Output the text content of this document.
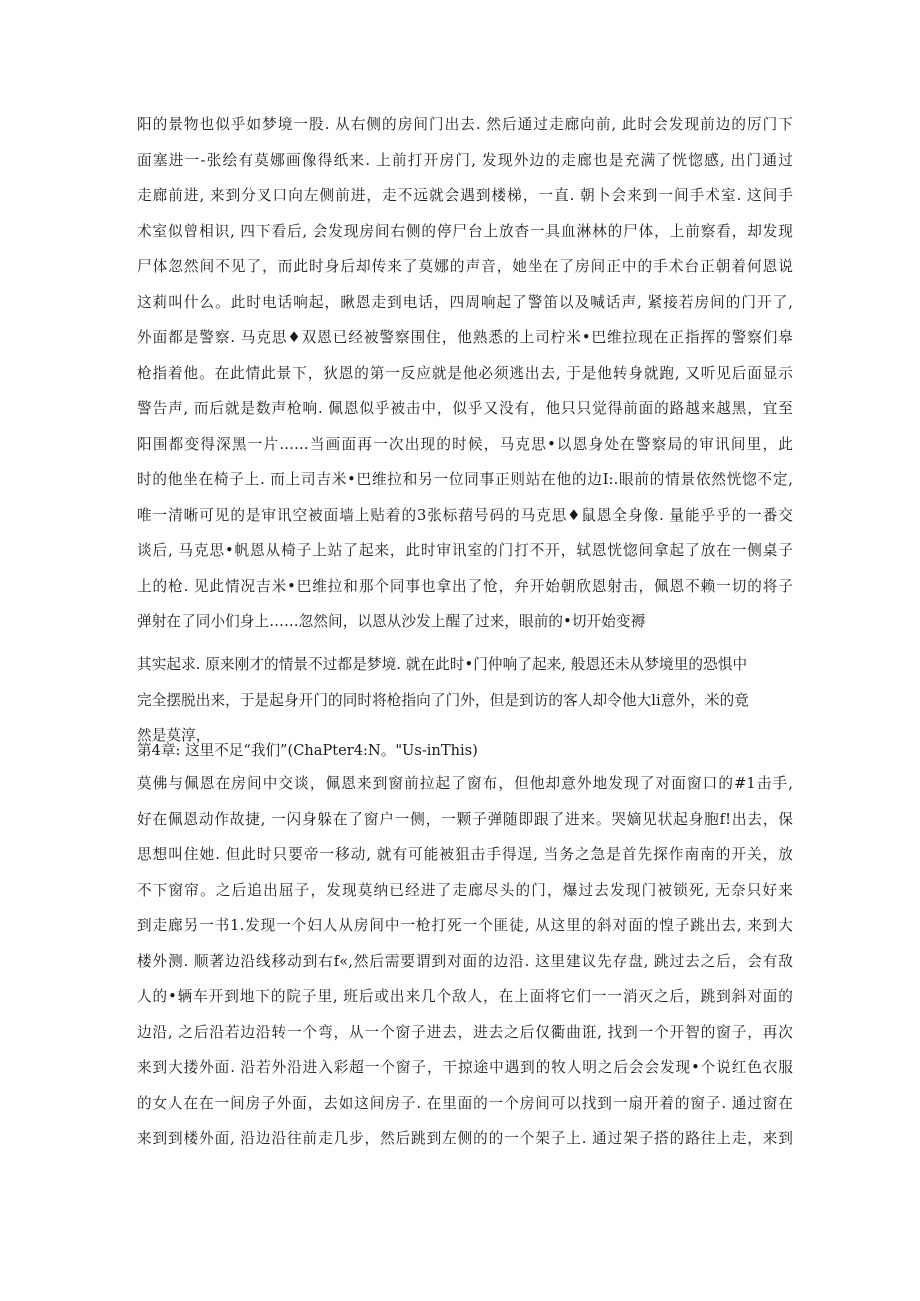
阳的景物也似乎如梦境一股. 从右侧的房间门出去. 然后通过走廊向前, 此时会发现前边的厉门下
面塞进一-张绘有莫娜画像得纸来. 上前打开房门, 发现外边的走廊也是充满了恍惚感, 出门通过
走廊前进, 来到分叉口向左侧前进，走不远就会遇到楼梯，一直. 朝卜会来到一间手术室. 这间手
术室似曾相识, 四下看后, 会发现房间右侧的停尸台上放杳一具血淋林的尸体，上前察看，却发现
尸体忽然间不见了，而此时身后却传来了莫娜的声音，她坐在了房间正中的手术台正朝着何恩说
这莉叫什么。此时电话响起，瞅恩走到电话，四周响起了警笛以及喊话声, 紧接若房间的门开了,
外面都是警察. 马克思♦双恩已经被警察围住，他熟悉的上司柠米•巴维拉现在正指挥的警察们皋
枪指着他。在此情此景下，狄恩的第一反应就是他必须逃出去, 于是他转身就跑, 又听见后面显示
警告声, 而后就是数声枪响. 佩恩似乎被击中，似乎又没有，他只只觉得前面的路越来越黑，宜至
阳围都变得深黑一片……当画面再一次出现的时候，马克思•以恩身处在警察局的审讯间里，此
时的他坐在椅子上. 而上司吉米•巴维拉和另一位同事正则站在他的边I:.眼前的情景依然恍惚不定,
唯一清晰可见的是审讯空被面墙上贴着的3张标萔号码的马克思♦鼠恩全身像. 量能乎乎的一番交
谈后, 马克思•帆恩从椅子上站了起来，此时审讯室的门打不开，轼恩恍惚间拿起了放在一侧桌子
上的枪. 见此情况吉米•巴维拉和那个同事也拿出了怆，弁开始朝欣恩射击，佩恩不赖一切的将子
弹射在了同小们身上……忽然间，以恩从沙发上醒了过来，眼前的•切开始变褥
其实起求. 原来刚才的情景不过都是梦境. 就在此时•门仲响了起来, 般恩还未从梦境里的恐惧中
完全摆脱出来，于是起身开门的同时将枪指向了门外，但是到访的客人却令他大li意外，米的竟
然是莫淳，

第4章: 这里不足“我们”(ChaPter4:N。"Us-inThis)

莫佛与佩恩在房间中交谈，佩恩来到窗前拉起了窗布，但他却意外地发现了对面窗口的#1击手,
好在佩恩动作故捷, 一闪身躲在了窗户一侧，一颗子弹随即跟了进来。哭嫡见状起身胞f!出去，保
思想叫住她. 但此时只要帝一移动, 就有可能被狙击手得逞, 当务之急是首先探作南南的开关，放
不下窗帘。之后追出屈子，发现莫纳已经进了走廊尽头的门，爆过去发现门被锁死, 无奈只好来
到走廊另一书1.发现一个妇人从房间中一枪打死一个匪徒, 从这里的斜对面的惶子跳出去, 来到大
楼外测. 顺著边沿线移动到右f«,然后需要谓到对面的边沿. 这里建议先存盘, 跳过去之后，会有敌
人的•辆车开到地下的院子里, 班后或出来几个敌人，在上面将它们一一消灭之后，跳到斜对面的
边沿, 之后沿若边沿转一个弯，从一个窗子进去，进去之后仅衢曲诳, 找到一个开智的窗子，再次
来到大搂外面. 沿若外沿进入彩超一个窗子，干掠途中遇到的牧人明之后会会发现•个说红色衣服
的女人在在一间房子外面，去如这间房子. 在里面的一个房间可以找到一扇开着的窗子. 通过窗在
来到到楼外面, 沿边沿往前走几步，然后跳到左侧的的一个架子上. 通过架子搭的路往上走，来到
